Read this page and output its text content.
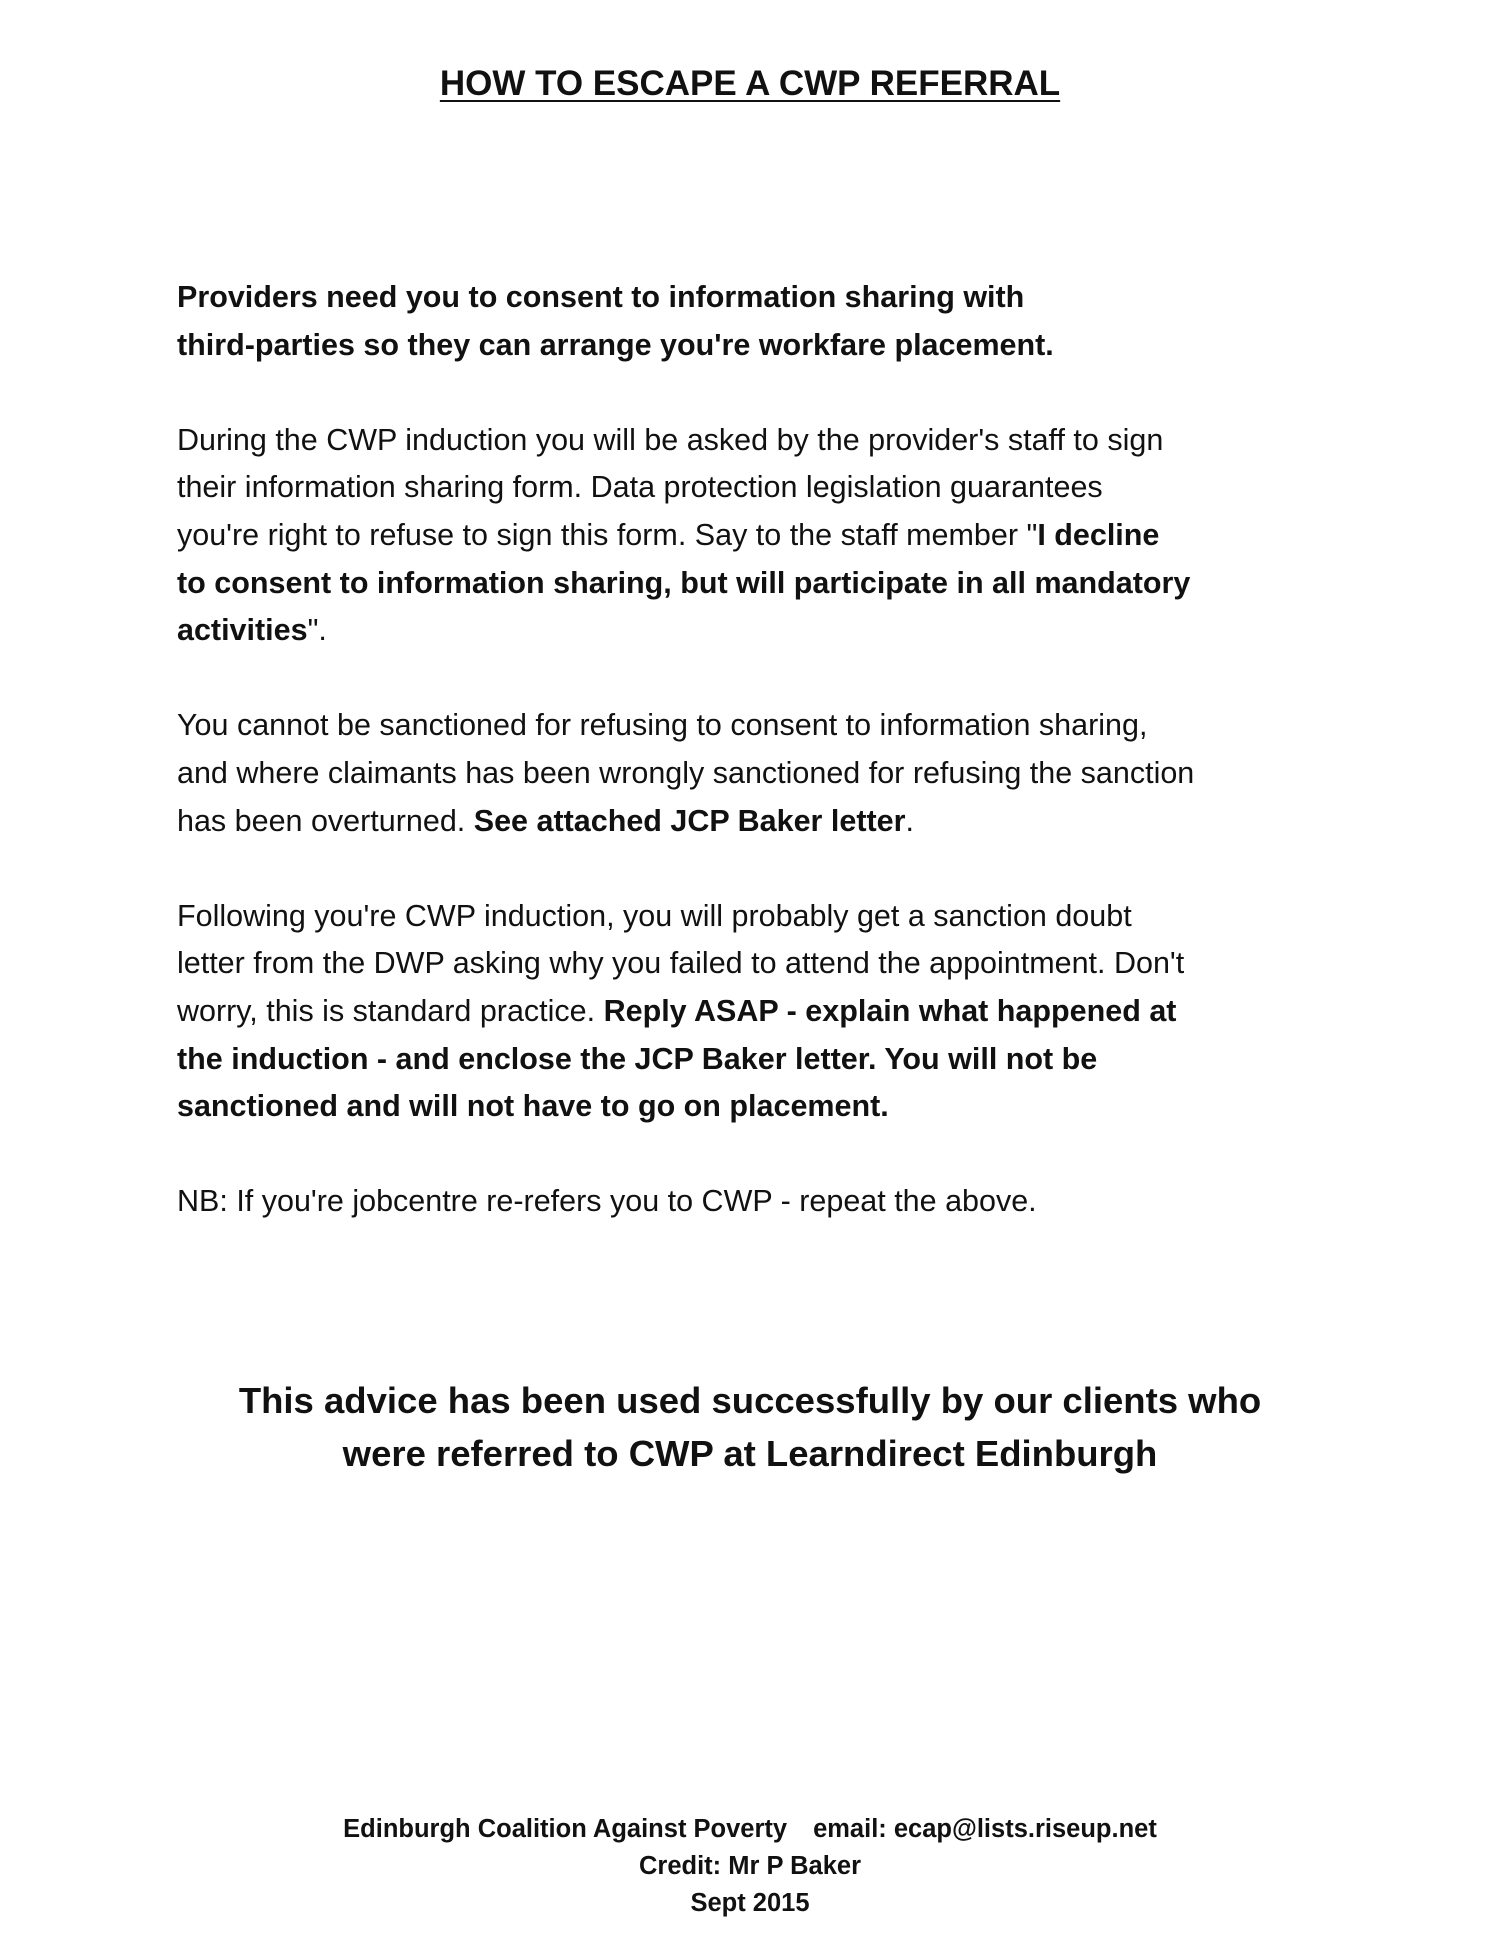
HOW TO ESCAPE A CWP REFERRAL

Providers need you to consent to information sharing with
third-parties so they can arrange you're workfare placement.

During the CWP induction you will be asked by the provider's staff to sign
their information sharing form. Data protection legislation guarantees
you're right to refuse to sign this form. Say to the staff member "I decline
to consent to information sharing, but will participate in all mandatory
activities".

You cannot be sanctioned for refusing to consent to information sharing,
and where claimants has been wrongly sanctioned for refusing the sanction
has been overturned. See attached JCP Baker letter.

Following you're CWP induction, you will probably get a sanction doubt
letter from the DWP asking why you failed to attend the appointment. Don't
worry, this is standard practice. Reply ASAP - explain what happened at
the induction - and enclose the JCP Baker letter. You will not be
sanctioned and will not have to go on placement.

NB: If you're jobcentre re-refers you to CWP - repeat the above.

This advice has been used successfully by our clients who
were referred to CWP at Learndirect Edinburgh
Edinburgh Coalition Against Poverty email: ecap@lists.riseup.net
Credit: Mr P Baker
Sept 2015
